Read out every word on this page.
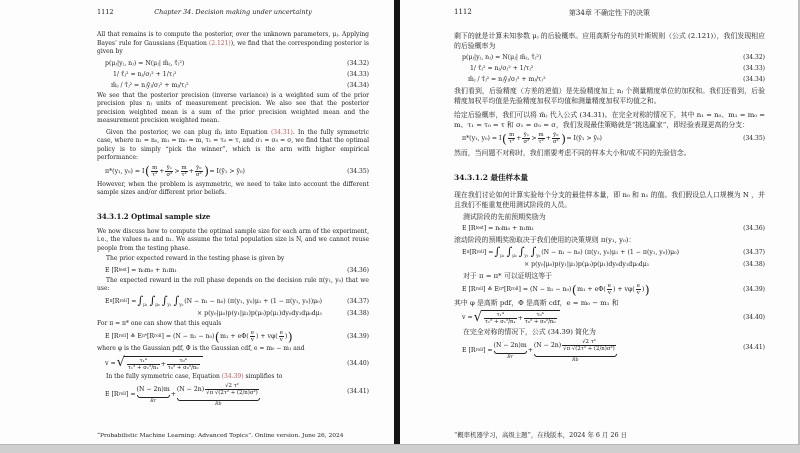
1112	Chapter 34. Decision making under uncertainty

All that remains is to compute the posterior, over the unknown parameters, μⱼ. Applying Bayes’ rule for Gaussians (Equation (2.121)), we find that the corresponding posterior is given by

p(μⱼ|yⱼ, nⱼ) = N(μⱼ| m̂ⱼ, τ̂ⱼ²)	(34.32)
1/ τ̂ⱼ² = nⱼ/σⱼ² + 1/τⱼ²	(34.33)
m̂ⱼ / τ̂ⱼ² = nⱼȳⱼ/σⱼ² + mⱼ/τⱼ²	(34.34)

We see that the posterior precision (inverse variance) is a weighted sum of the prior precision plus nⱼ units of measurement precision. We also see that the posterior precision weighted mean is a sum of the prior precision weighted mean and the measurement precision weighted mean.

Given the posterior, we can plug m̂ⱼ into Equation (34.31). In the fully symmetric case, where n₁ = n₀, m₁ = m₀ = m, τ₁ = τ₀ = τ, and σ₁ = σ₀ = σ, we find that the optimal policy is to simply “pick the winner”, which is the arm with higher empirical performance:

π*(y₁, y₀) = I ( $\frac{m}{\text{τ²}} + \frac{\text{ȳ₁}}{\text{σ²}} > \frac{m}{\text{τ²}} + \frac{\text{ȳ₀}}{\text{σ²}}$ ) = I(ȳ₁ > ȳ₀)	(34.35)

However, when the problem is asymmetric, we need to take into account the different sample sizes and/or different prior beliefs.

34.3.1.2 Optimal sample size

We now discuss how to compute the optimal sample size for each arm of the experiment, i.e., the values n₀ and n₁. We assume the total population size is N, and we cannot reuse people from the testing phase.

The prior expected reward in the testing phase is given by

E [R test ] = n₀m₀ + n₁m₁	(34.36)

The expected reward in the roll phase depends on the decision rule π(y₁, y₀) that we use:

E π [R roll ] = $\int_{\mu_1}$ $\int_{\mu_0}$ $\int_{y_1}$ $\int_{y_0}$ (N − n₁ − n₀) (π(y₁, y₀)μ₁ + (1 − π(y₁, y₀))μ₀)	(34.37)
× p(y₀|μ₀)p(y₁|μ₁)p(μ₀)p(μ₁)dy₀dy₁dμ₀dμ₁	(34.38)

For π = π* one can show that this equals

E [R roll ] ≜ E π* [R roll ] = (N − n₁ − n₀) ( $m_1 + e\Phi( \frac{e}{v}$ ) + $v\varphi( \frac{e}{v}$ ) )	(34.39)

where φ is the Gaussian pdf, Φ is the Gaussian cdf, e = m₀ − m₁ and

v = √ $\frac{\text{τ₁⁴}}{\text{τ₁² + σ₁²/n₁}} + \frac{\text{τ₀⁴}}{\text{τ₀² + σ₀²/n₀}}$	(34.40)

In the fully symmetric case, Equation (34.39) simplifies to

E [R roll ] =
(N − 2n)m
Rr
+
$(N - 2n) \frac{\text{√2 τ²}}{\text{√π √(2τ² + (2/n)σ²)}}$
Rb
(34.41)
“Probabilistic Machine Learning: Advanced Topics”. Online version. June 26, 2024
1112	第34章 不确定性下的决策

剩下的就是计算未知参数 μⱼ 的后验概率。应用高斯分布的贝叶斯规则（公式 (2.121)），我们发现相应的后验概率为

p(μⱼ|yⱼ, nⱼ) = N(μⱼ| m̂ⱼ, τ̂ⱼ²)	(34.32)
1/ τ̂ⱼ² = nⱼ/σⱼ² + 1/τⱼ²	(34.33)
m̂ⱼ / τ̂ⱼ² = nⱼȳⱼ/σⱼ² + mⱼ/τⱼ²	(34.34)

我们看到，后验精度（方差的逆值）是先验精度加上 nⱼ 个测量精度单位的加权和。我们还看到，后验精度加权平均值是先验精度加权平均值和测量精度加权平均值之和。

给定后验概率，我们可以将 m̂ⱼ 代入公式 (34.31)。在完全对称的情况下，其中 n₁ = n₀、m₁ = m₀ = m、τ₁ = τ₀ = τ 和 σ₁ = σ₀ = σ，我们发现最佳策略就是“挑选赢家”，即经验表现更高的分支：

π*(y₁, y₀) = I ( $\frac{m}{\text{τ²}} + \frac{\text{ȳ₁}}{\text{σ²}} > \frac{m}{\text{τ²}} + \frac{\text{ȳ₀}}{\text{σ²}}$ ) = I(ȳ₁ > ȳ₀)	(34.35)

然而，当问题不对称时，我们需要考虑不同的样本大小和/或不同的先验信念。

34.3.1.2 最佳样本量

现在我们讨论如何计算实验每个分支的最佳样本量，即 n₀ 和 n₁ 的值。我们假设总人口规模为 N ，并且我们不能重复使用测试阶段的人员。

测试阶段的先前预期奖励为

E [R test ] = n₀m₀ + n₁m₁	(34.36)

滚动阶段的预期奖励取决于我们使用的决策规则 π(y₁, y₀)：

E π [R roll ] = $\int_{\mu_1}$ $\int_{\mu_0}$ $\int_{y_1}$ $\int_{y_0}$ (N − n₁ − n₀) (π(y₁, y₀)μ₁ + (1 − π(y₁, y₀))μ₀)	(34.37)
× p(y₀|μ₀)p(y₁|μ₁)p(μ₀)p(μ₁)dy₀dy₁dμ₀dμ₁	(34.38)

对于 π = π* 可以证明这等于

E [R roll ] ≜ E π* [R roll ] = (N − n₁ − n₀) ( $m_1 + e\Phi( \frac{e}{v}$ ) + $v\varphi( \frac{e}{v}$ ) )	(34.39)

其中 φ 是高斯 pdf，Φ 是高斯 cdf，e = m₀ − m₁ 和

v = √ $\frac{\text{τ₁⁴}}{\text{τ₁² + σ₁²/n₁}} + \frac{\text{τ₀⁴}}{\text{τ₀² + σ₀²/n₀}}$	(34.40)

在完全对称的情况下，公式 (34.39) 简化为

E [R roll ] =
(N − 2n)m
Rr
+
$(N - 2n) \frac{\text{√2 τ²}}{\text{√π √(2τ² + (2/n)σ²)}}$
Rb
(34.41)
“概率机器学习，高级主题”，在线版本，2024 年 6 月 26 日
